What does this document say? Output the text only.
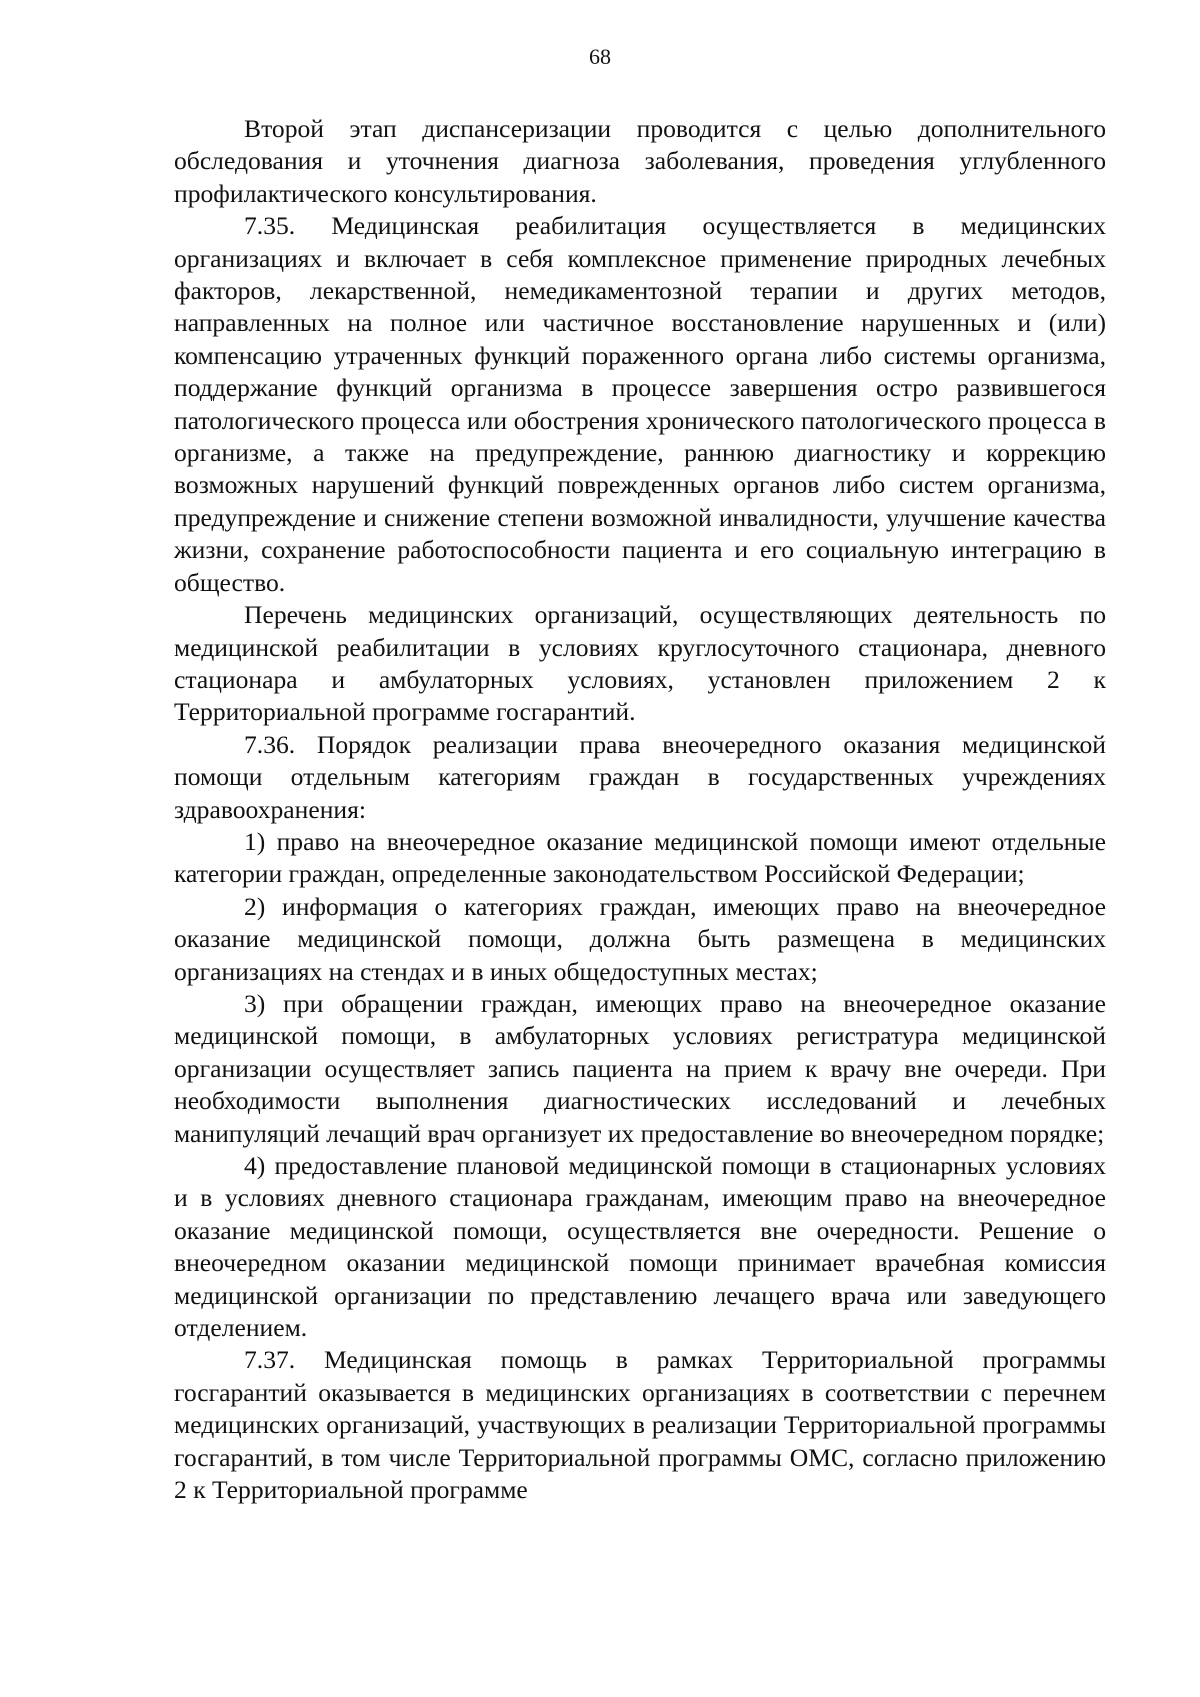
68

Второй этап диспансеризации проводится с целью дополнительного обследования и уточнения диагноза заболевания, проведения углубленного профилактического консультирования.

7.35. Медицинская реабилитация осуществляется в медицинских организациях и включает в себя комплексное применение природных лечебных факторов, лекарственной, немедикаментозной терапии и других методов, направленных на полное или частичное восстановление нарушенных и (или) компенсацию утраченных функций пораженного органа либо системы организма, поддержание функций организма в процессе завершения остро развившегося патологического процесса или обострения хронического патологического процесса в организме, а также на предупреждение, раннюю диагностику и коррекцию возможных нарушений функций поврежденных органов либо систем организма, предупреждение и снижение степени возможной инвалидности, улучшение качества жизни, сохранение работоспособности пациента и его социальную интеграцию в общество.

Перечень медицинских организаций, осуществляющих деятельность по медицинской реабилитации в условиях круглосуточного стационара, дневного стационара и амбулаторных условиях, установлен приложением 2 к Территориальной программе госгарантий.

7.36. Порядок реализации права внеочередного оказания медицинской помощи отдельным категориям граждан в государственных учреждениях здравоохранения:

1) право на внеочередное оказание медицинской помощи имеют отдельные категории граждан, определенные законодательством Российской Федерации;

2) информация о категориях граждан, имеющих право на внеочередное оказание медицинской помощи, должна быть размещена в медицинских организациях на стендах и в иных общедоступных местах;

3) при обращении граждан, имеющих право на внеочередное оказание медицинской помощи, в амбулаторных условиях регистратура медицинской организации осуществляет запись пациента на прием к врачу вне очереди. При необходимости выполнения диагностических исследований и лечебных манипуляций лечащий врач организует их предоставление во внеочередном порядке;

4) предоставление плановой медицинской помощи в стационарных условиях и в условиях дневного стационара гражданам, имеющим право на внеочередное оказание медицинской помощи, осуществляется вне очередности. Решение о внеочередном оказании медицинской помощи принимает врачебная комиссия медицинской организации по представлению лечащего врача или заведующего отделением.

7.37. Медицинская помощь в рамках Территориальной программы госгарантий оказывается в медицинских организациях в соответствии с перечнем медицинских организаций, участвующих в реализации Территориальной программы госгарантий, в том числе Территориальной программы ОМС, согласно приложению 2 к Территориальной программе
